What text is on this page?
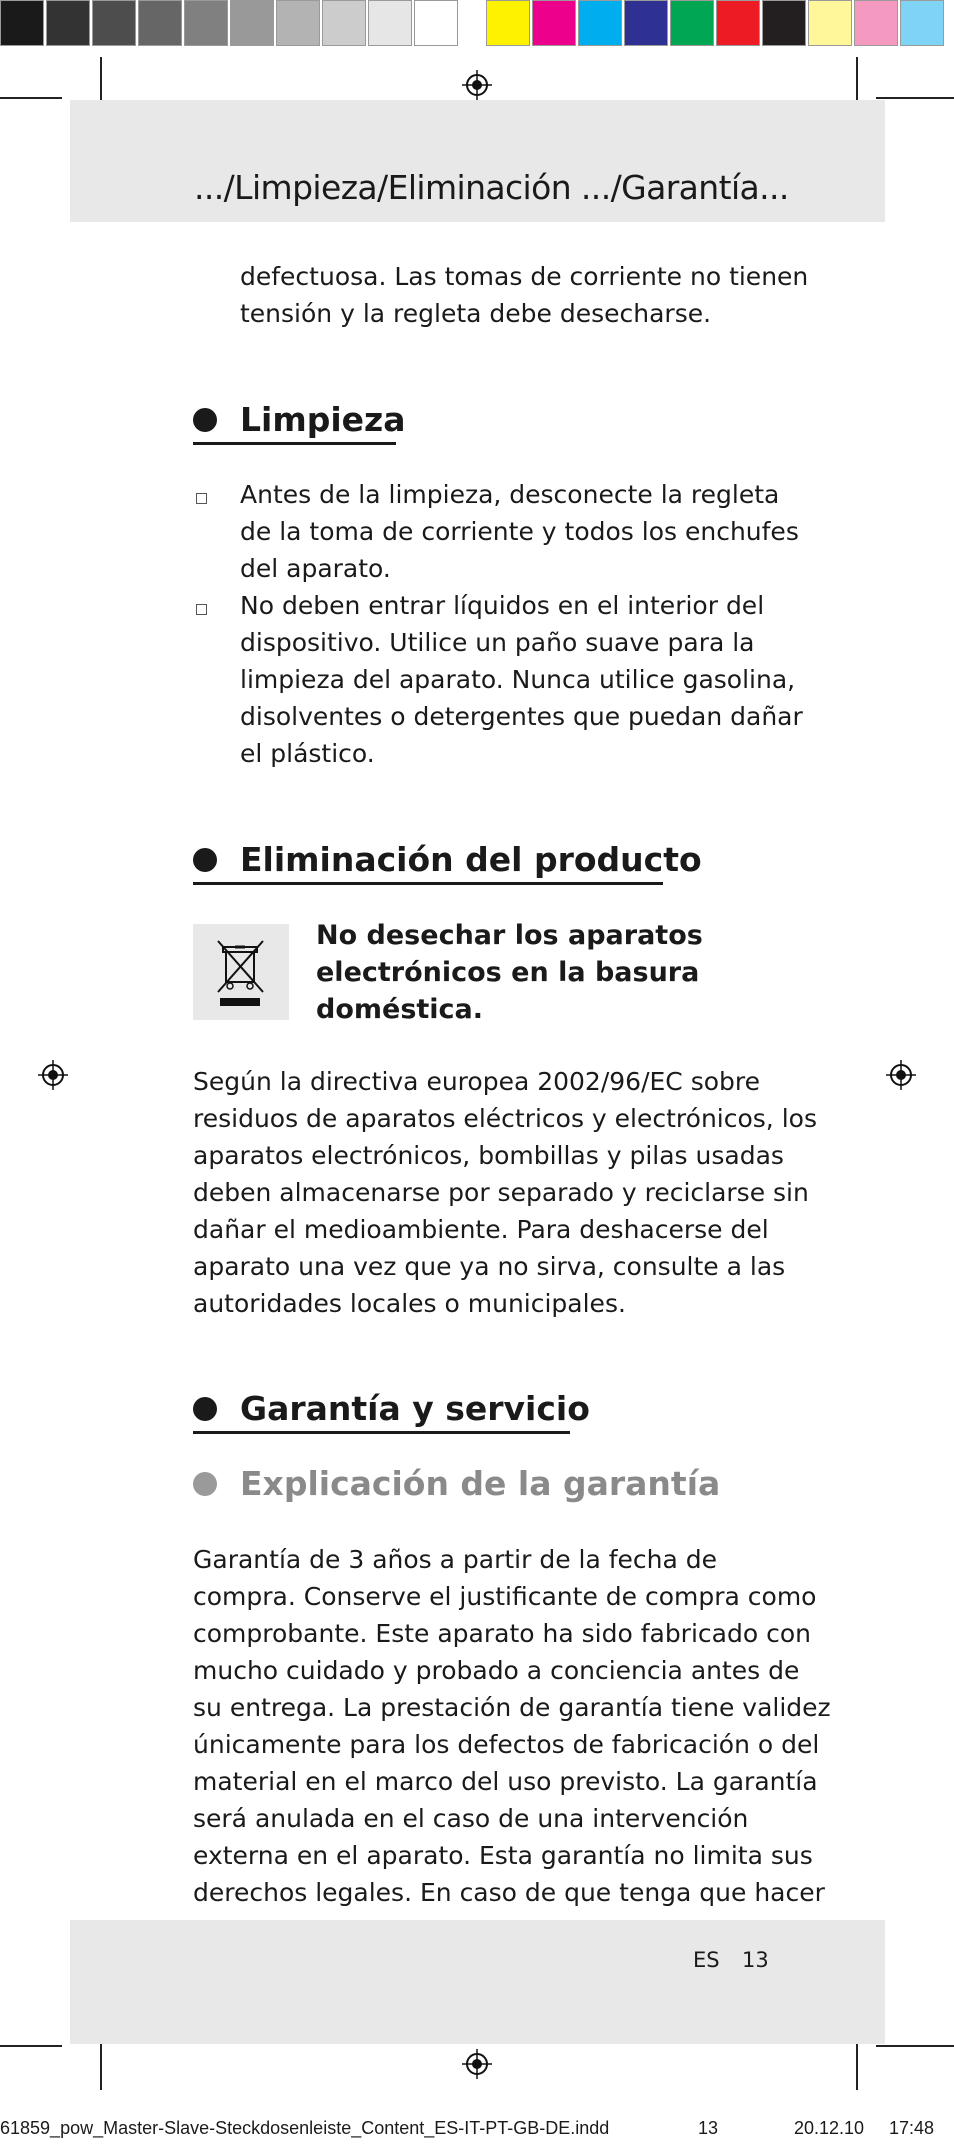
.../Limpieza/Eliminación .../Garantía...

defectuosa. Las tomas de corriente no tienen
tensión y la regleta debe desecharse.

Limpieza

Antes de la limpieza, desconecte la regleta
de la toma de corriente y todos los enchufes
del aparato.

No deben entrar líquidos en el interior del
dispositivo. Utilice un paño suave para la
limpieza del aparato. Nunca utilice gasolina,
disolventes o detergentes que puedan dañar
el plástico.

Eliminación del producto

No desechar los aparatos
electrónicos en la basura
doméstica.

Según la directiva europea 2002/96/EC sobre
residuos de aparatos eléctricos y electrónicos, los
aparatos electrónicos, bombillas y pilas usadas
deben almacenarse por separado y reciclarse sin
dañar el medioambiente. Para deshacerse del
aparato una vez que ya no sirva, consulte a las
autoridades locales o municipales.

Garantía y servicio
Explicación de la garantía

Garantía de 3 años a partir de la fecha de
compra. Conserve el justificante de compra como
comprobante. Este aparato ha sido fabricado con
mucho cuidado y probado a conciencia antes de
su entrega. La prestación de garantía tiene validez
únicamente para los defectos de fabricación o del
material en el marco del uso previsto. La garantía
será anulada en el caso de una intervención
externa en el aparato. Esta garantía no limita sus
derechos legales. En caso de que tenga que hacer

ES 13
61859_pow_Master-Slave-Steckdosenleiste_Content_ES-IT-PT-GB-DE.indd	13	20.12.10 17:48
